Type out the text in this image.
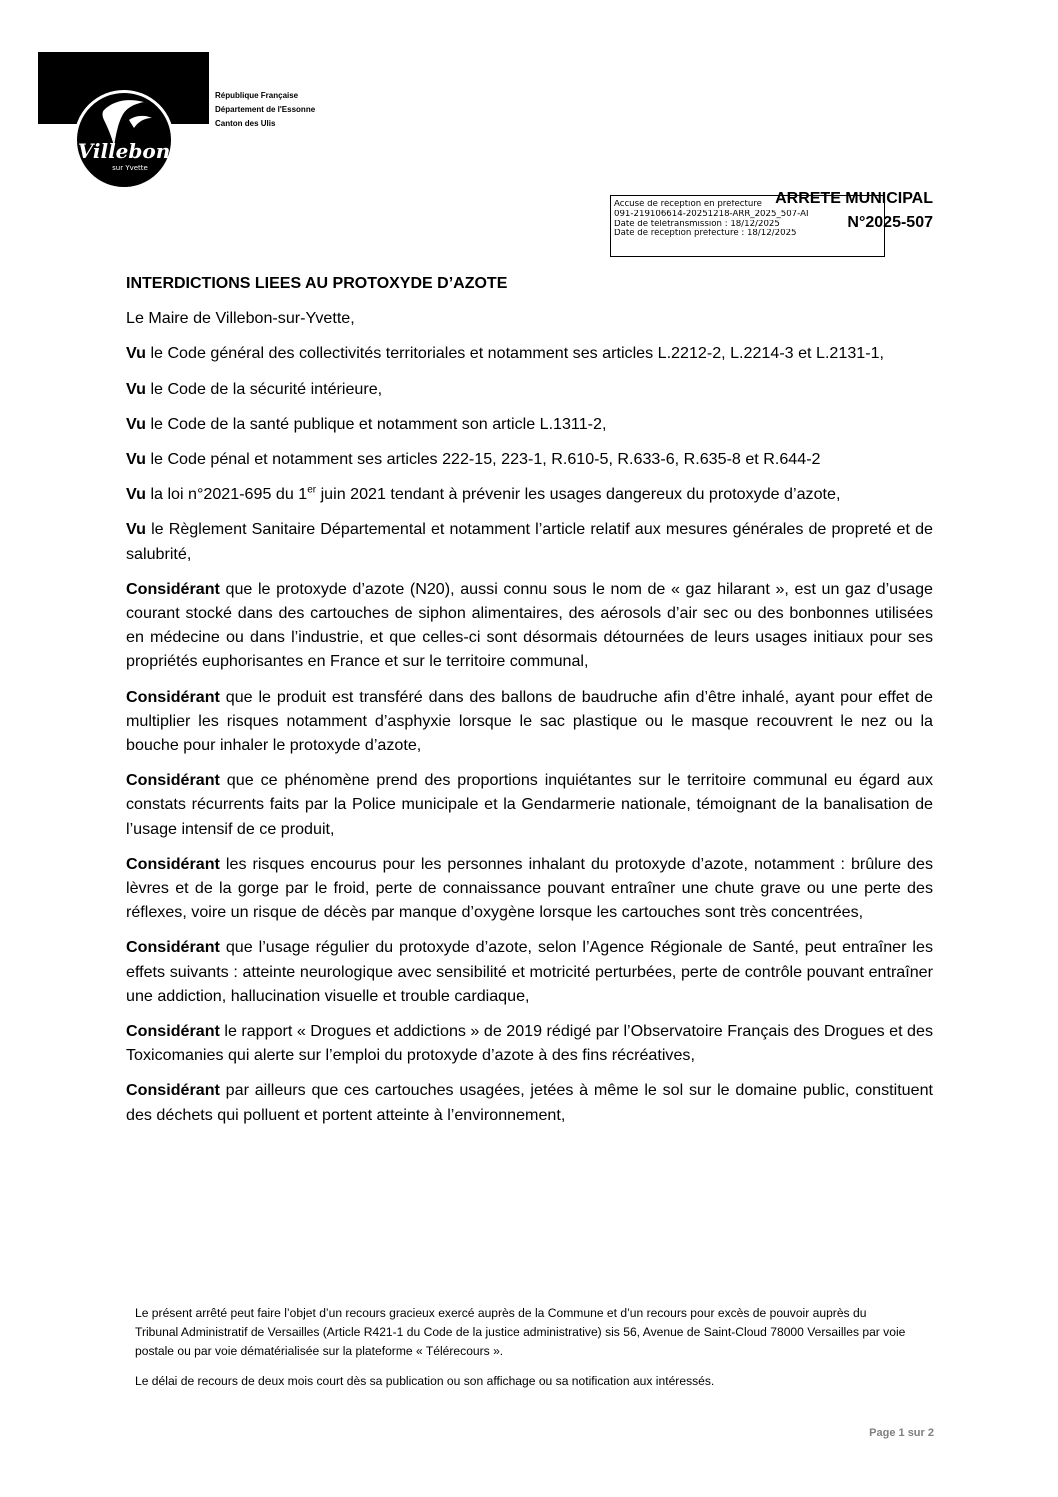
Villebon
sur Yvette
République Française
Département de l'Essonne
Canton des Ulis
ARRETE MUNICIPAL
N°2025-507
Accusé de réception en préfecture
091-219106614-20251218-ARR_2025_507-AI
Date de télétransmission : 18/12/2025
Date de réception préfecture : 18/12/2025

INTERDICTIONS LIEES AU PROTOXYDE D’AZOTE

Le Maire de Villebon-sur-Yvette,

Vu le Code général des collectivités territoriales et notamment ses articles L.2212-2, L.2214-3 et L.2131-1,

Vu le Code de la sécurité intérieure,

Vu le Code de la santé publique et notamment son article L.1311-2,

Vu le Code pénal et notamment ses articles 222-15, 223-1, R.610-5, R.633-6, R.635-8 et R.644-2

Vu la loi n°2021-695 du 1er juin 2021 tendant à prévenir les usages dangereux du protoxyde d’azote,

Vu le Règlement Sanitaire Départemental et notamment l’article relatif aux mesures générales de propreté et de salubrité,

Considérant que le protoxyde d’azote (N20), aussi connu sous le nom de « gaz hilarant », est un gaz d’usage courant stocké dans des cartouches de siphon alimentaires, des aérosols d’air sec ou des bonbonnes utilisées en médecine ou dans l’industrie, et que celles-ci sont désormais détournées de leurs usages initiaux pour ses propriétés euphorisantes en France et sur le territoire communal,

Considérant que le produit est transféré dans des ballons de baudruche afin d’être inhalé, ayant pour effet de multiplier les risques notamment d’asphyxie lorsque le sac plastique ou le masque recouvrent le nez ou la bouche pour inhaler le protoxyde d’azote,

Considérant que ce phénomène prend des proportions inquiétantes sur le territoire communal eu égard aux constats récurrents faits par la Police municipale et la Gendarmerie nationale, témoignant de la banalisation de l’usage intensif de ce produit,

Considérant les risques encourus pour les personnes inhalant du protoxyde d’azote, notamment : brûlure des lèvres et de la gorge par le froid, perte de connaissance pouvant entraîner une chute grave ou une perte des réflexes, voire un risque de décès par manque d’oxygène lorsque les cartouches sont très concentrées,

Considérant que l’usage régulier du protoxyde d’azote, selon l’Agence Régionale de Santé, peut entraîner les effets suivants : atteinte neurologique avec sensibilité et motricité perturbées, perte de contrôle pouvant entraîner une addiction, hallucination visuelle et trouble cardiaque,

Considérant le rapport « Drogues et addictions » de 2019 rédigé par l’Observatoire Français des Drogues et des Toxicomanies qui alerte sur l’emploi du protoxyde d’azote à des fins récréatives,

Considérant par ailleurs que ces cartouches usagées, jetées à même le sol sur le domaine public, constituent des déchets qui polluent et portent atteinte à l’environnement,

Le présent arrêté peut faire l’objet d’un recours gracieux exercé auprès de la Commune et d’un recours pour excès de pouvoir auprès du Tribunal Administratif de Versailles (Article R421-1 du Code de la justice administrative) sis 56, Avenue de Saint-Cloud 78000 Versailles par voie postale ou par voie dématérialisée sur la plateforme « Télérecours ».

Le délai de recours de deux mois court dès sa publication ou son affichage ou sa notification aux intéressés.

Page 1 sur 2
